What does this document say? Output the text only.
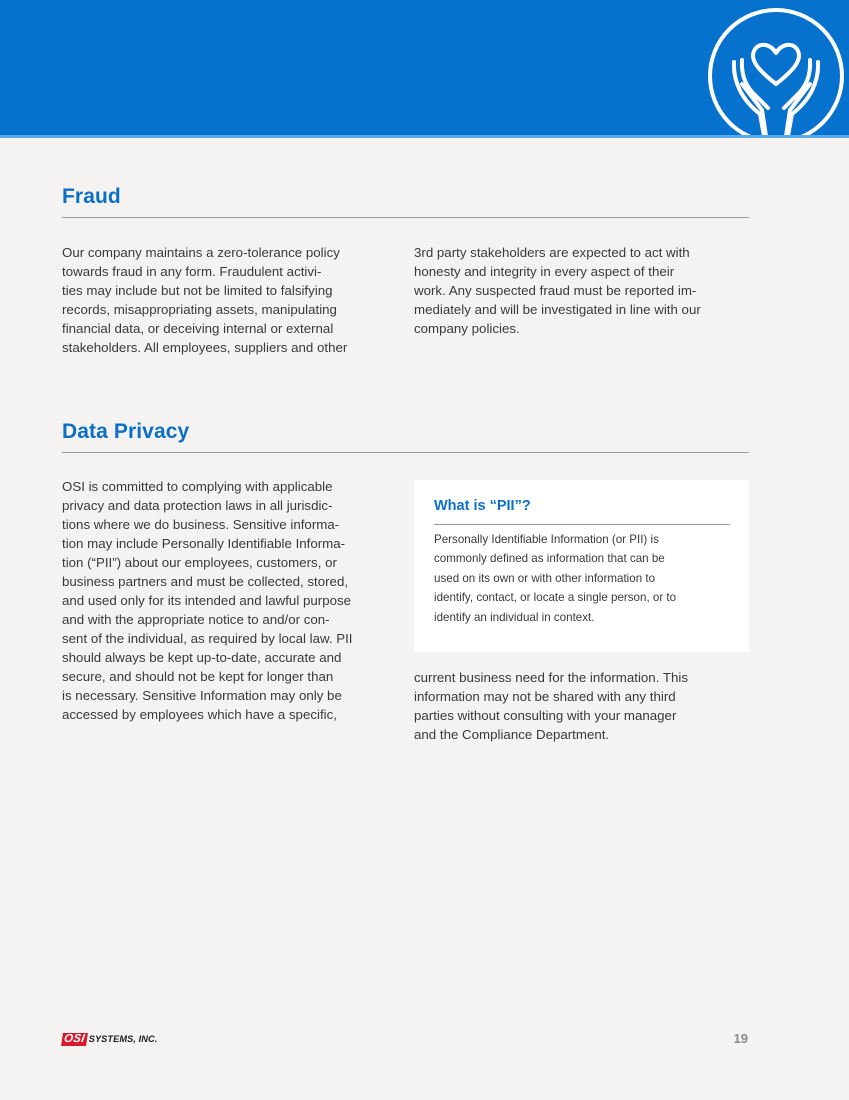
Fraud

Our company maintains a zero-tolerance policy
towards fraud in any form. Fraudulent activi-
ties may include but not be limited to falsifying
records, misappropriating assets, manipulating
financial data, or deceiving internal or external
stakeholders. All employees, suppliers and other

3rd party stakeholders are expected to act with
honesty and integrity in every aspect of their
work. Any suspected fraud must be reported im-
mediately and will be investigated in line with our
company policies.

Data Privacy

OSI is committed to complying with applicable
privacy and data protection laws in all jurisdic-
tions where we do business. Sensitive informa-
tion may include Personally Identifiable Informa-
tion (“PII”) about our employees, customers, or
business partners and must be collected, stored,
and used only for its intended and lawful purpose
and with the appropriate notice to and/or con-
sent of the individual, as required by local law. PII
should always be kept up-to-date, accurate and
secure, and should not be kept for longer than
is necessary. Sensitive Information may only be
accessed by employees which have a specific,

What is “PII”?

Personally Identifiable Information (or PII) is
commonly defined as information that can be
used on its own or with other information to
identify, contact, or locate a single person, or to
identify an individual in context.

current business need for the information. This
information may not be shared with any third
parties without consulting with your manager
and the Compliance Department.

OSI SYSTEMS, INC.	19
